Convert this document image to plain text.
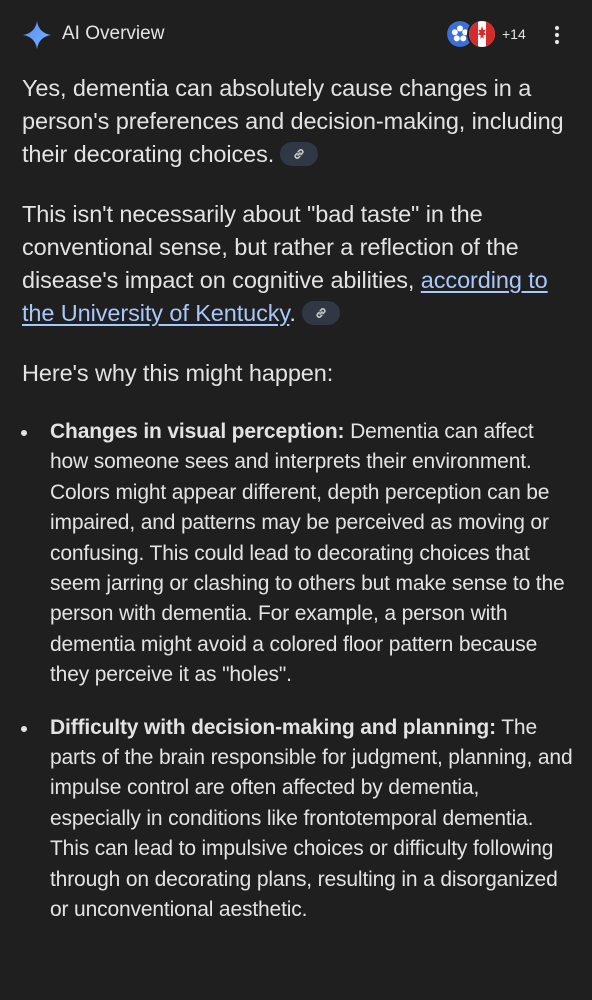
AI Overview	+14

Yes, dementia can absolutely cause changes in a person's preferences and decision-making, including their decorating choices.

This isn't necessarily about "bad taste" in the conventional sense, but rather a reflection of the disease's impact on cognitive abilities, according to the University of Kentucky.

Here's why this might happen:

Changes in visual perception: Dementia can affect how someone sees and interprets their environment. Colors might appear different, depth perception can be impaired, and patterns may be perceived as moving or confusing. This could lead to decorating choices that seem jarring or clashing to others but make sense to the person with dementia. For example, a person with dementia might avoid a colored floor pattern because they perceive it as "holes".
Difficulty with decision-making and planning: The parts of the brain responsible for judgment, planning, and impulse control are often affected by dementia, especially in conditions like frontotemporal dementia. This can lead to impulsive choices or difficulty following through on decorating plans, resulting in a disorganized or unconventional aesthetic.
